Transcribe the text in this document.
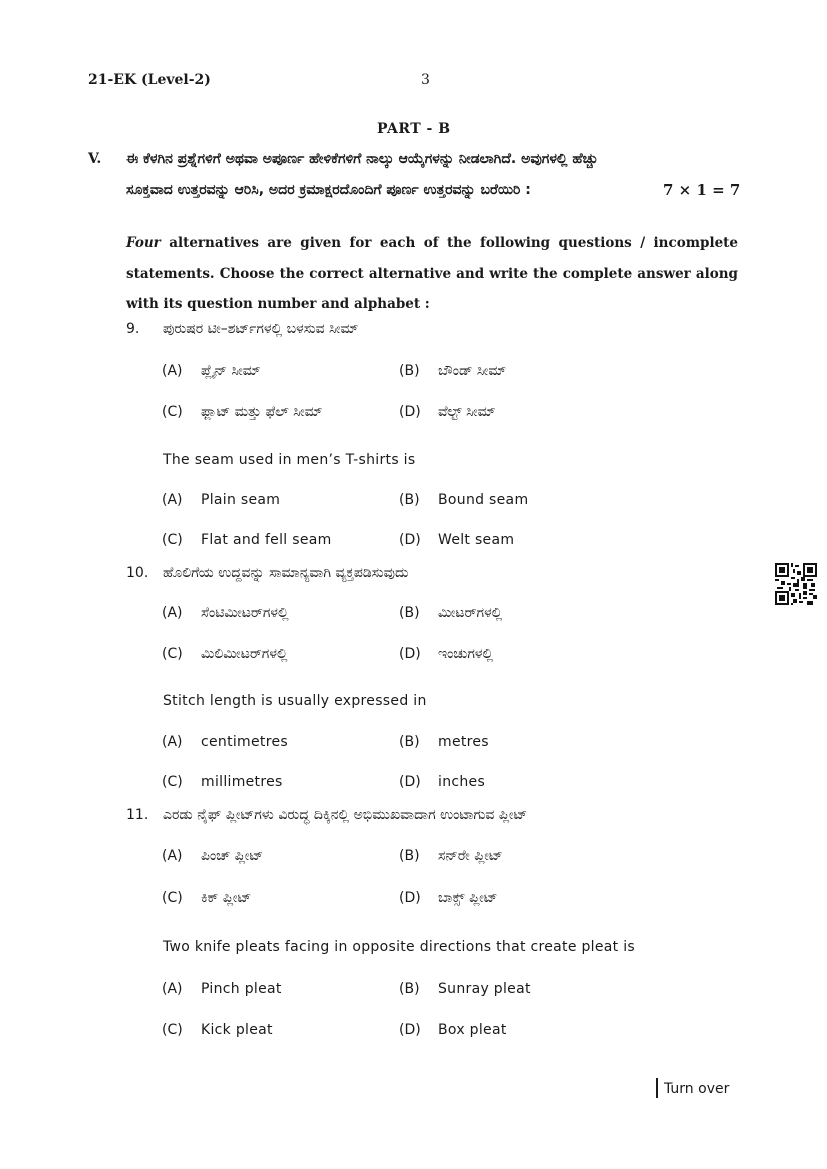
21-EK (Level-2)	3
PART - B
V. ಈ ಕೆಳಗಿನ ಪ್ರಶ್ನೆಗಳಿಗೆ ಅಥವಾ ಅಪೂರ್ಣ ಹೇಳಿಕೆಗಳಿಗೆ ನಾಲ್ಕು ಆಯ್ಕೆಗಳನ್ನು ನೀಡಲಾಗಿದೆ. ಅವುಗಳಲ್ಲಿ ಹೆಚ್ಚು
ಸೂಕ್ತವಾದ ಉತ್ತರವನ್ನು ಆರಿಸಿ, ಅದರ ಕ್ರಮಾಕ್ಷರದೊಂದಿಗೆ ಪೂರ್ಣ ಉತ್ತರವನ್ನು ಬರೆಯಿರಿ :	7 × 1 = 7
Four alternatives are given for each of the following questions / incomplete statements. Choose the correct alternative and write the complete answer along with its question number and alphabet :
9. ಪುರುಷರ ಟೀ–ಶರ್ಟ್‌ಗಳಲ್ಲಿ ಬಳಸುವ ಸೀಮ್
(A) ಪ್ಲೈನ್ ಸೀಮ್	(B) ಬೌಂಡ್ ಸೀಮ್
(C) ಫ್ಲಾಟ್ ಮತ್ತು ಫೆಲ್ ಸೀಮ್	(D) ವೆಲ್ಟ್ ಸೀಮ್
The seam used in men’s T-shirts is
(A) Plain seam	(B) Bound seam
(C) Flat and fell seam	(D) Welt seam
10. ಹೊಲಿಗೆಯ ಉದ್ದವನ್ನು ಸಾಮಾನ್ಯವಾಗಿ ವ್ಯಕ್ತಪಡಿಸುವುದು
(A) ಸೆಂಟಿಮೀಟರ್‌ಗಳಲ್ಲಿ	(B) ಮೀಟರ್‌ಗಳಲ್ಲಿ
(C) ಮಿಲಿಮೀಟರ್‌ಗಳಲ್ಲಿ	(D) ಇಂಚುಗಳಲ್ಲಿ
Stitch length is usually expressed in
(A) centimetres	(B) metres
(C) millimetres	(D) inches
11. ಎರಡು ನೈಫ್ ಪ್ಲೀಟ್‌ಗಳು ವಿರುದ್ಧ ದಿಕ್ಕಿನಲ್ಲಿ ಅಭಿಮುಖವಾದಾಗ ಉಂಟಾಗುವ ಪ್ಲೀಟ್
(A) ಪಿಂಚ್ ಪ್ಲೀಟ್	(B) ಸನ್‌ರೇ ಪ್ಲೀಟ್
(C) ಕಿಕ್ ಪ್ಲೀಟ್	(D) ಬಾಕ್ಸ್ ಪ್ಲೀಟ್
Two knife pleats facing in opposite directions that create pleat is
(A) Pinch pleat	(B) Sunray pleat
(C) Kick pleat	(D) Box pleat
Turn over
